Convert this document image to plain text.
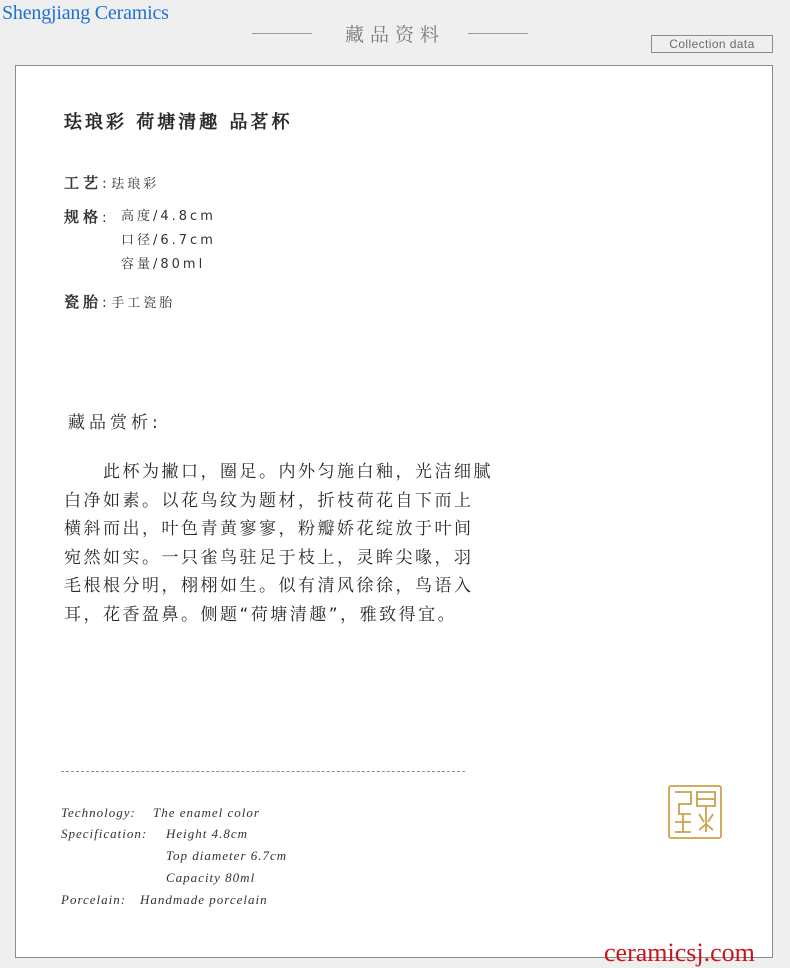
Shengjiang Ceramics
藏品资料	Collection data
珐琅彩 荷塘清趣 品茗杯
工艺: 珐琅彩
规格: 高度/4.8cm
口径/6.7cm
容量/80ml
瓷胎: 手工瓷胎
藏品赏析:
　　此杯为撇口，圈足。内外匀施白釉，光洁细腻
白净如素。以花鸟纹为题材，折枝荷花自下而上
横斜而出，叶色青黄寥寥，粉瓣娇花绽放于叶间
宛然如实。一只雀鸟驻足于枝上，灵眸尖喙，羽
毛根根分明，栩栩如生。似有清风徐徐，鸟语入
耳，花香盈鼻。侧题“荷塘清趣”，雅致得宜。
Technology: The enamel color
Specification: Height 4.8cm
Top diameter 6.7cm
Capacity 80ml
Porcelain: Handmade porcelain
ceramicsj.com
